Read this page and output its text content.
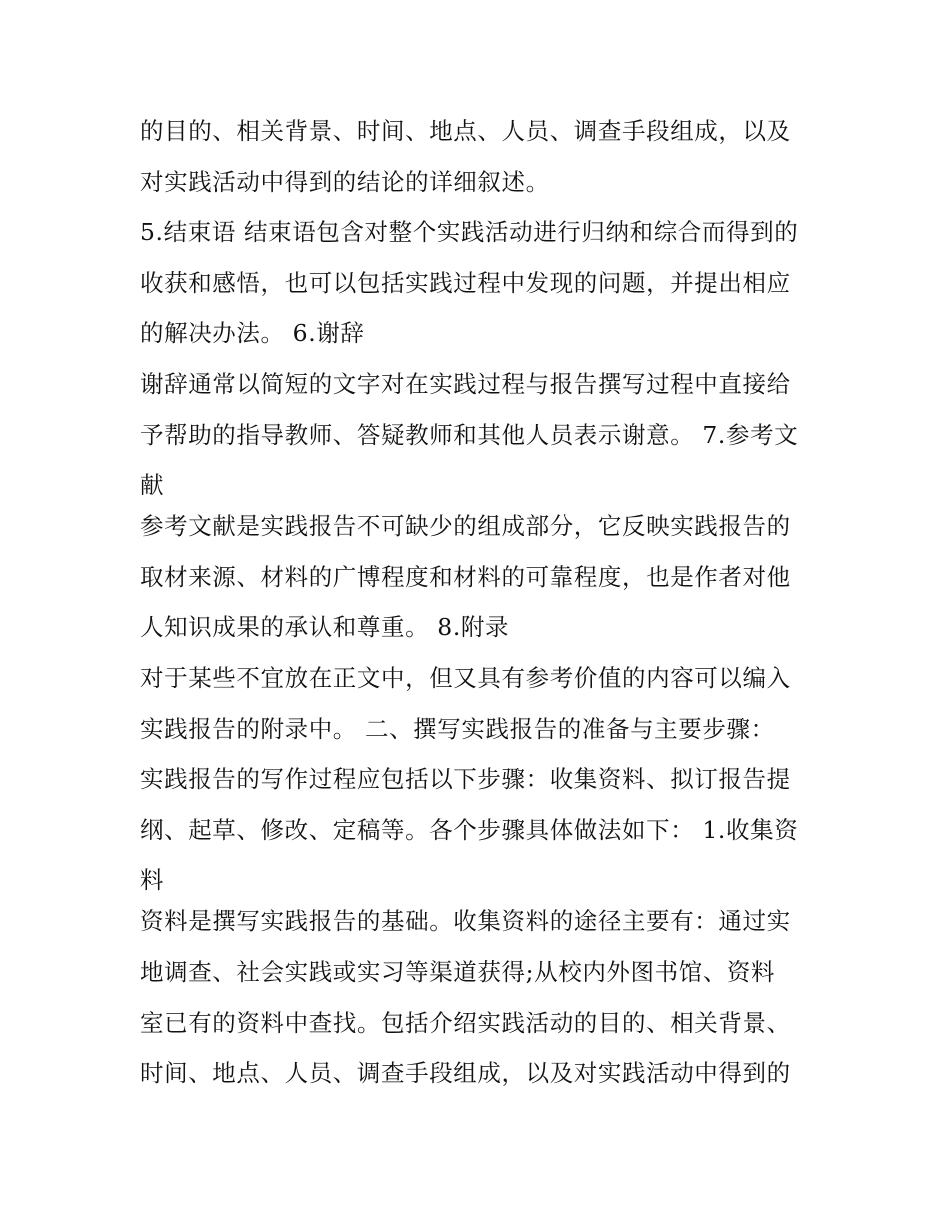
的目的、相关背景、时间、地点、人员、调查手段组成，以及
对实践活动中得到的结论的详细叙述。
5.结束语 结束语包含对整个实践活动进行归纳和综合而得到的
收获和感悟，也可以包括实践过程中发现的问题，并提出相应
的解决办法。 6.谢辞
谢辞通常以简短的文字对在实践过程与报告撰写过程中直接给
予帮助的指导教师、答疑教师和其他人员表示谢意。 7.参考文
献
参考文献是实践报告不可缺少的组成部分，它反映实践报告的
取材来源、材料的广博程度和材料的可靠程度，也是作者对他
人知识成果的承认和尊重。 8.附录
对于某些不宜放在正文中，但又具有参考价值的内容可以编入
实践报告的附录中。 二、撰写实践报告的准备与主要步骤：
实践报告的写作过程应包括以下步骤：收集资料、拟订报告提
纲、起草、修改、定稿等。各个步骤具体做法如下： 1.收集资
料
资料是撰写实践报告的基础。收集资料的途径主要有：通过实
地调查、社会实践或实习等渠道获得;从校内外图书馆、资料
室已有的资料中查找。包括介绍实践活动的目的、相关背景、
时间、地点、人员、调查手段组成，以及对实践活动中得到的
